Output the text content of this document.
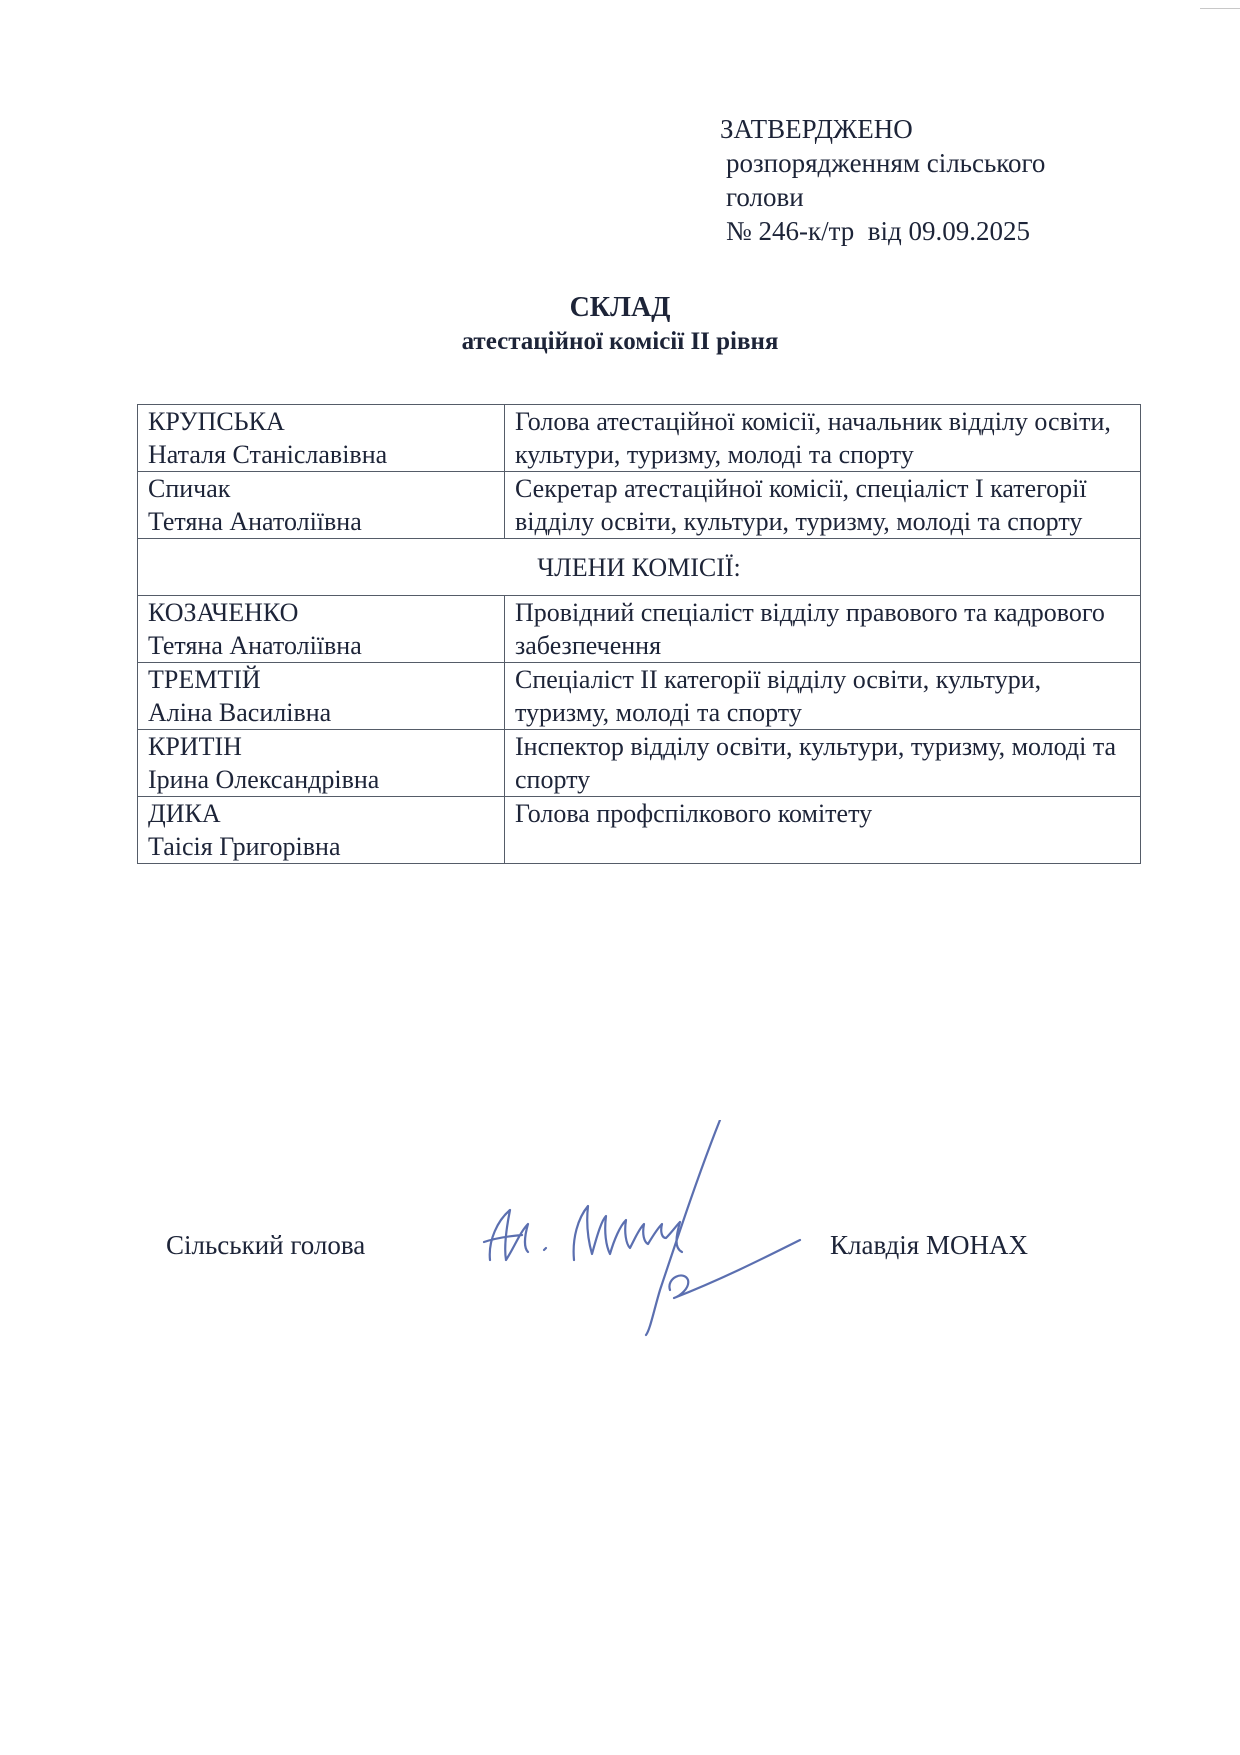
ЗАТВЕРДЖЕНО
розпорядженням сільського
голови
№ 246-к/тр  від 09.09.2025
СКЛАД
атестаційної комісії II рівня
КРУПСЬКА
Наталя Станіславівна	Голова атестаційної комісії, начальник відділу освіти, культури, туризму, молоді та спорту

Спичак
Тетяна Анатоліївна	Секретар атестаційної комісії, спеціаліст I категорії відділу освіти, культури, туризму, молоді та спорту
ЧЛЕНИ КОМІСІЇ:	

КОЗАЧЕНКО
Тетяна Анатоліївна	Провідний спеціаліст відділу правового та кадрового забезпечення

ТРЕМТІЙ
Аліна Василівна	Спеціаліст II категорії відділу освіти, культури, туризму, молоді та спорту

КРИТІН
Ірина Олександрівна	Інспектор відділу освіти, культури, туризму, молоді та спорту

ДИКА
Таісія Григорівна	Голова профспілкового комітету
Сільський голова	Клавдія МОНАХ
